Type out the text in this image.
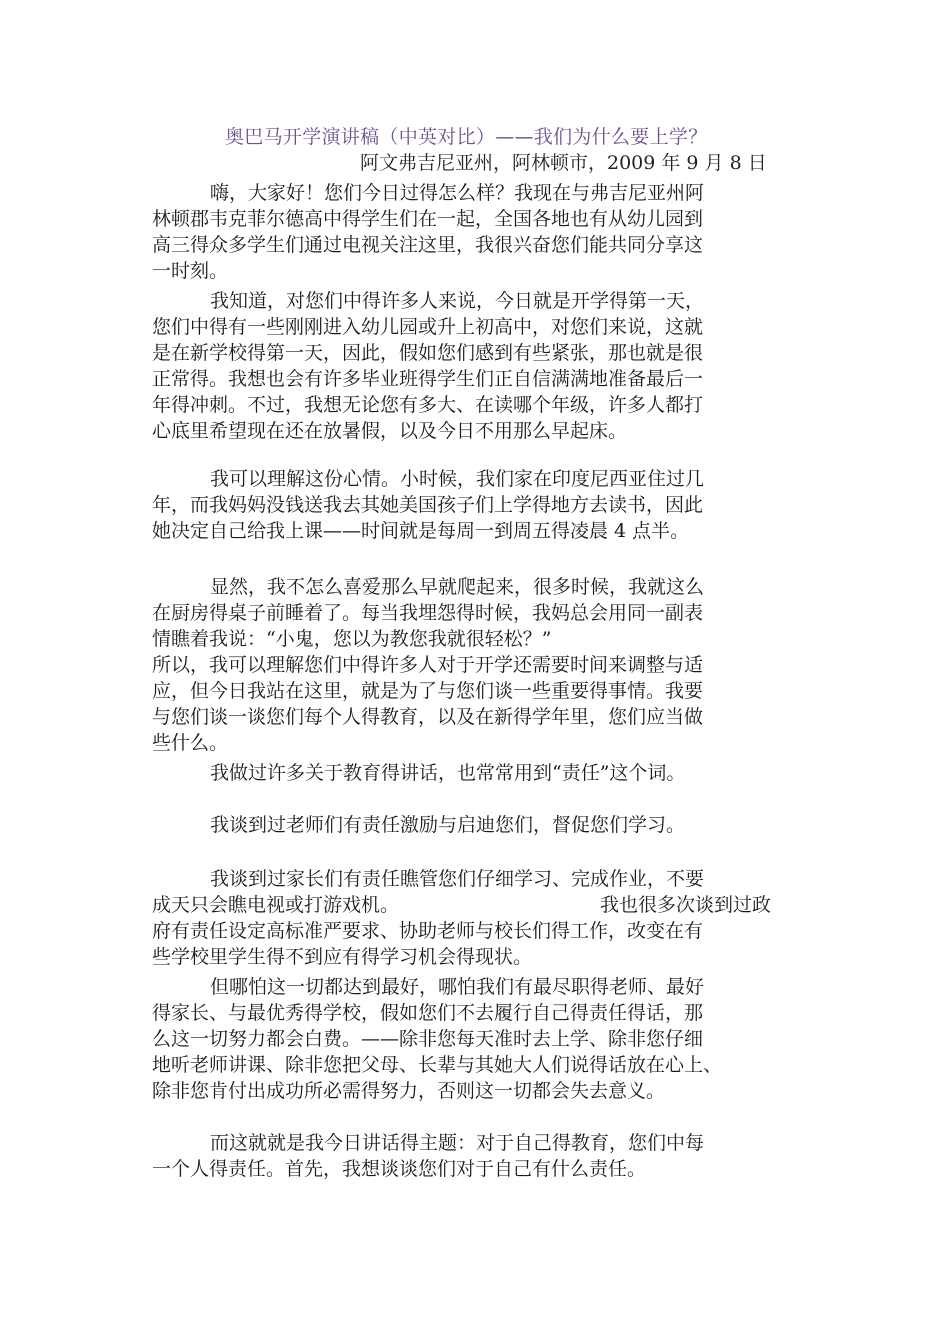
奥巴马开学演讲稿（中英对比）——我们为什么要上学？
阿文弗吉尼亚州，阿林顿市，2009 年 9 月 8 日
嗨，大家好！您们今日过得怎么样？我现在与弗吉尼亚州阿
林顿郡韦克菲尔德高中得学生们在一起，全国各地也有从幼儿园到
高三得众多学生们通过电视关注这里，我很兴奋您们能共同分享这
一时刻。
我知道，对您们中得许多人来说，今日就是开学得第一天，
您们中得有一些刚刚进入幼儿园或升上初高中，对您们来说，这就
是在新学校得第一天，因此，假如您们感到有些紧张，那也就是很
正常得。我想也会有许多毕业班得学生们正自信满满地准备最后一
年得冲刺。不过，我想无论您有多大、在读哪个年级，许多人都打
心底里希望现在还在放暑假，以及今日不用那么早起床。
我可以理解这份心情。小时候，我们家在印度尼西亚住过几
年，而我妈妈没钱送我去其她美国孩子们上学得地方去读书，因此
她决定自己给我上课——时间就是每周一到周五得凌晨 4 点半。
显然，我不怎么喜爱那么早就爬起来，很多时候，我就这么
在厨房得桌子前睡着了。每当我埋怨得时候，我妈总会用同一副表
情瞧着我说：“小鬼，您以为教您我就很轻松？”
所以，我可以理解您们中得许多人对于开学还需要时间来调整与适
应，但今日我站在这里，就是为了与您们谈一些重要得事情。我要
与您们谈一谈您们每个人得教育，以及在新得学年里，您们应当做
些什么。
我做过许多关于教育得讲话，也常常用到“责任”这个词。
我谈到过老师们有责任激励与启迪您们，督促您们学习。
我谈到过家长们有责任瞧管您们仔细学习、完成作业，不要
成天只会瞧电视或打游戏机。	我也很多次谈到过政
府有责任设定高标准严要求、协助老师与校长们得工作，改变在有
些学校里学生得不到应有得学习机会得现状。
但哪怕这一切都达到最好，哪怕我们有最尽职得老师、最好
得家长、与最优秀得学校，假如您们不去履行自己得责任得话，那
么这一切努力都会白费。——除非您每天准时去上学、除非您仔细
地听老师讲课、除非您把父母、长辈与其她大人们说得话放在心上、
除非您肯付出成功所必需得努力，否则这一切都会失去意义。
而这就就是我今日讲话得主题：对于自己得教育，您们中每
一个人得责任。首先，我想谈谈您们对于自己有什么责任。
